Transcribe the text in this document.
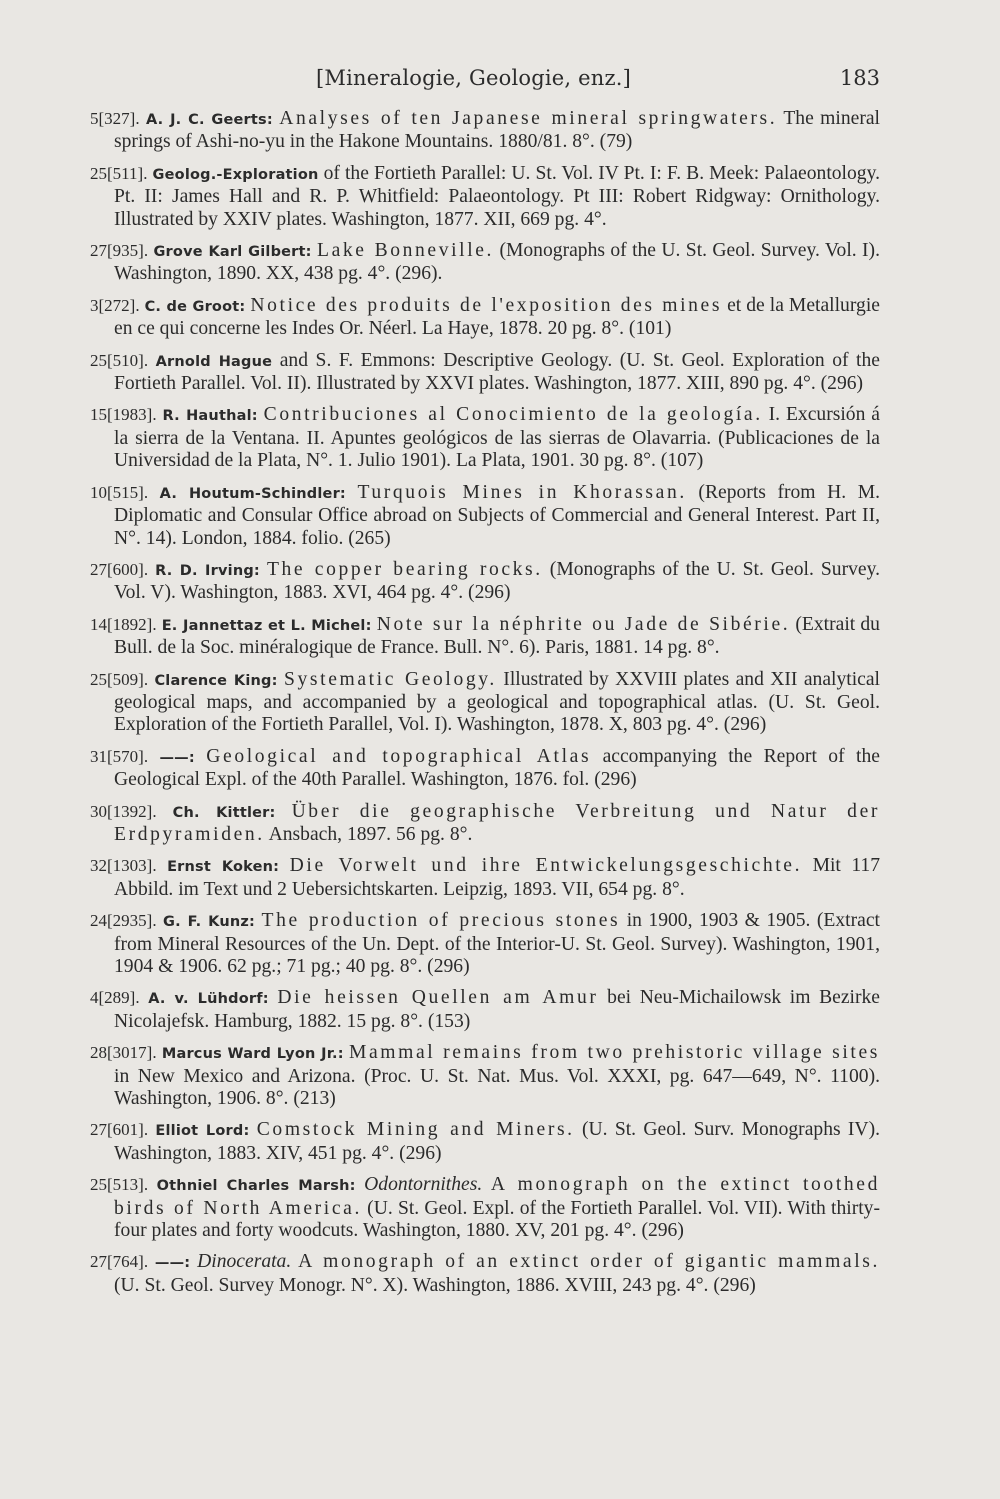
[Mineralogie, Geologie, enz.]	183

5[327]. A. J. C. Geerts: Analyses of ten Japanese mineral springwaters. The mineral springs of Ashi-no-yu in the Hakone Mountains. 1880/81. 8°. (79)

25[511]. Geolog.-Exploration of the Fortieth Parallel: U. St. Vol. IV Pt. I: F. B. Meek: Palaeontology. Pt. II: James Hall and R. P. Whitfield: Palaeontology. Pt III: Robert Ridgway: Ornithology. Illustrated by XXIV plates. Washington, 1877. XII, 669 pg. 4°.

27[935]. Grove Karl Gilbert: Lake Bonneville. (Monographs of the U. St. Geol. Survey. Vol. I). Washington, 1890. XX, 438 pg. 4°. (296).

3[272]. C. de Groot: Notice des produits de l'exposition des mines et de la Metallurgie en ce qui concerne les Indes Or. Néerl. La Haye, 1878. 20 pg. 8°. (101)

25[510]. Arnold Hague and S. F. Emmons: Descriptive Geology. (U. St. Geol. Exploration of the Fortieth Parallel. Vol. II). Illustrated by XXVI plates. Washington, 1877. XIII, 890 pg. 4°. (296)

15[1983]. R. Hauthal: Contribuciones al Conocimiento de la geología. I. Excursión á la sierra de la Ventana. II. Apuntes geológicos de las sierras de Olavarria. (Publicaciones de la Universidad de la Plata, N°. 1. Julio 1901). La Plata, 1901. 30 pg. 8°. (107)

10[515]. A. Houtum-Schindler: Turquois Mines in Khorassan. (Reports from H. M. Diplomatic and Consular Office abroad on Subjects of Commercial and General Interest. Part II, N°. 14). London, 1884. folio. (265)

27[600]. R. D. Irving: The copper bearing rocks. (Monographs of the U. St. Geol. Survey. Vol. V). Washington, 1883. XVI, 464 pg. 4°. (296)

14[1892]. E. Jannettaz et L. Michel: Note sur la néphrite ou Jade de Sibérie. (Extrait du Bull. de la Soc. minéralogique de France. Bull. N°. 6). Paris, 1881. 14 pg. 8°.

25[509]. Clarence King: Systematic Geology. Illustrated by XXVIII plates and XII analytical geological maps, and accompanied by a geological and topographical atlas. (U. St. Geol. Exploration of the Fortieth Parallel, Vol. I). Washington, 1878. X, 803 pg. 4°. (296)

31[570]. ——: Geological and topographical Atlas accompanying the Report of the Geological Expl. of the 40th Parallel. Washington, 1876. fol. (296)

30[1392]. Ch. Kittler: Über die geographische Verbreitung und Natur der Erdpyramiden. Ansbach, 1897. 56 pg. 8°.

32[1303]. Ernst Koken: Die Vorwelt und ihre Entwickelungsgeschichte. Mit 117 Abbild. im Text und 2 Uebersichtskarten. Leipzig, 1893. VII, 654 pg. 8°.

24[2935]. G. F. Kunz: The production of precious stones in 1900, 1903 & 1905. (Extract from Mineral Resources of the Un. Dept. of the Interior-U. St. Geol. Survey). Washington, 1901, 1904 & 1906. 62 pg.; 71 pg.; 40 pg. 8°. (296)

4[289]. A. v. Lühdorf: Die heissen Quellen am Amur bei Neu-Michailowsk im Bezirke Nicolajefsk. Hamburg, 1882. 15 pg. 8°. (153)

28[3017]. Marcus Ward Lyon Jr.: Mammal remains from two prehistoric village sites in New Mexico and Arizona. (Proc. U. St. Nat. Mus. Vol. XXXI, pg. 647—649, N°. 1100). Washington, 1906. 8°. (213)

27[601]. Elliot Lord: Comstock Mining and Miners. (U. St. Geol. Surv. Monographs IV). Washington, 1883. XIV, 451 pg. 4°. (296)

25[513]. Othniel Charles Marsh: Odontornithes. A monograph on the extinct toothed birds of North America. (U. St. Geol. Expl. of the Fortieth Parallel. Vol. VII). With thirty-four plates and forty woodcuts. Washington, 1880. XV, 201 pg. 4°. (296)

27[764]. ——: Dinocerata. A monograph of an extinct order of gigantic mammals. (U. St. Geol. Survey Monogr. N°. X). Washington, 1886. XVIII, 243 pg. 4°. (296)
